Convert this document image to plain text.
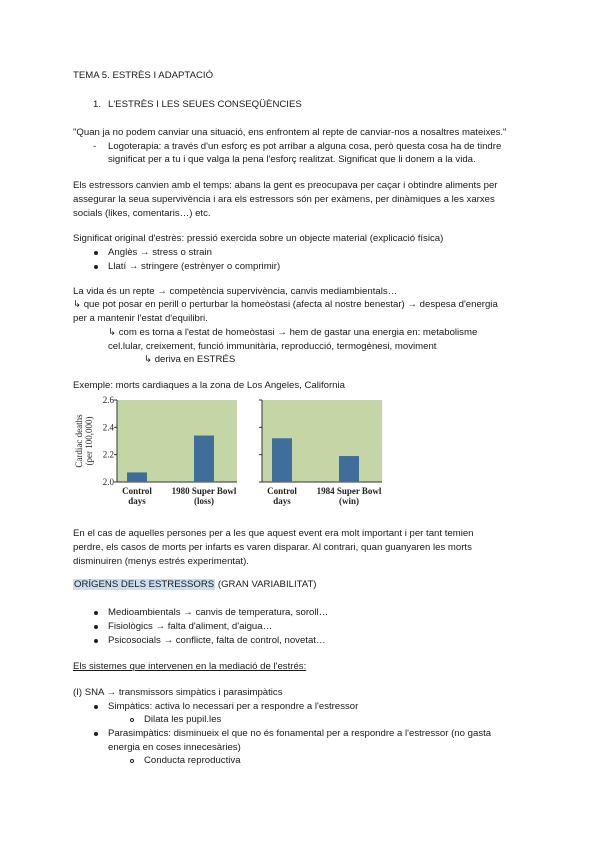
TEMA 5. ESTRÈS I ADAPTACIÓ
1. L'ESTRÈS I LES SEUES CONSEQÜÈNCIES
"Quan ja no podem canviar una situació, ens enfrontem al repte de canviar-nos a nosaltres mateixes."
- Logoterapia: a través d'un esforç es pot arribar a alguna cosa, però questa cosa ha de tindre
significat per a tu i que valga la pena l'esforç realitzat. Significat que li donem a la vida.
Els estressors canvien amb el temps: abans la gent es preocupava per caçar i obtindre aliments per
assegurar la seua supervivència i ara els estressors són per exàmens, per dinàmiques a les xarxes
socials (likes, comentaris…) etc.
Significat original d'estrès: pressió exercida sobre un objecte material (explicació física)
Anglès → stress o strain
Llatí → stringere (estrènyer o comprimir)
La vida és un repte → competència supervivència, canvis mediambientals…
↳ que pot posar en perill o perturbar la homeòstasi (afecta al nostre benestar) → despesa d'energia
per a mantenir l'estat d'equilibri.
↳ com es torna a l'estat de homeòstasi → hem de gastar una energia en: metabolisme
cel.lular, creixement, funció immunitària, reproducció, termogènesi, moviment
↳ deriva en ESTRÉS
Exemple: morts cardiaques a la zona de Los Angeles, California
Cardiac deaths(per 100,000)
2.0
2.2
2.4
2.6
Control
days
1980 Super Bowl
(loss)
Control
days
1984 Super Bowl
(win)
En el cas de aquelles persones per a les que aquest event era molt important i per tant temien
perdre, els casos de morts per infarts es varen disparar. Al contrari, quan guanyaren les morts
disminuiren (menys estrés experimentat).
ORÍGENS DELS ESTRESSORS (GRAN VARIABILITAT)
Medioambientals → canvis de temperatura, soroll…
Fisiològics → falta d'aliment, d'aigua…
Psicosocials → conflicte, falta de control, novetat…
Els sistemes que intervenen en la mediació de l'estrés:
(I) SNA → transmissors simpàtics i parasimpàtics
Simpàtics: activa lo necessari per a respondre a l'estressor
Dilata les pupil.les
Parasimpàtics: disminueix el que no és fonamental per a respondre a l'estressor (no gasta
energia en coses innecesàries)
Conducta reproductiva
